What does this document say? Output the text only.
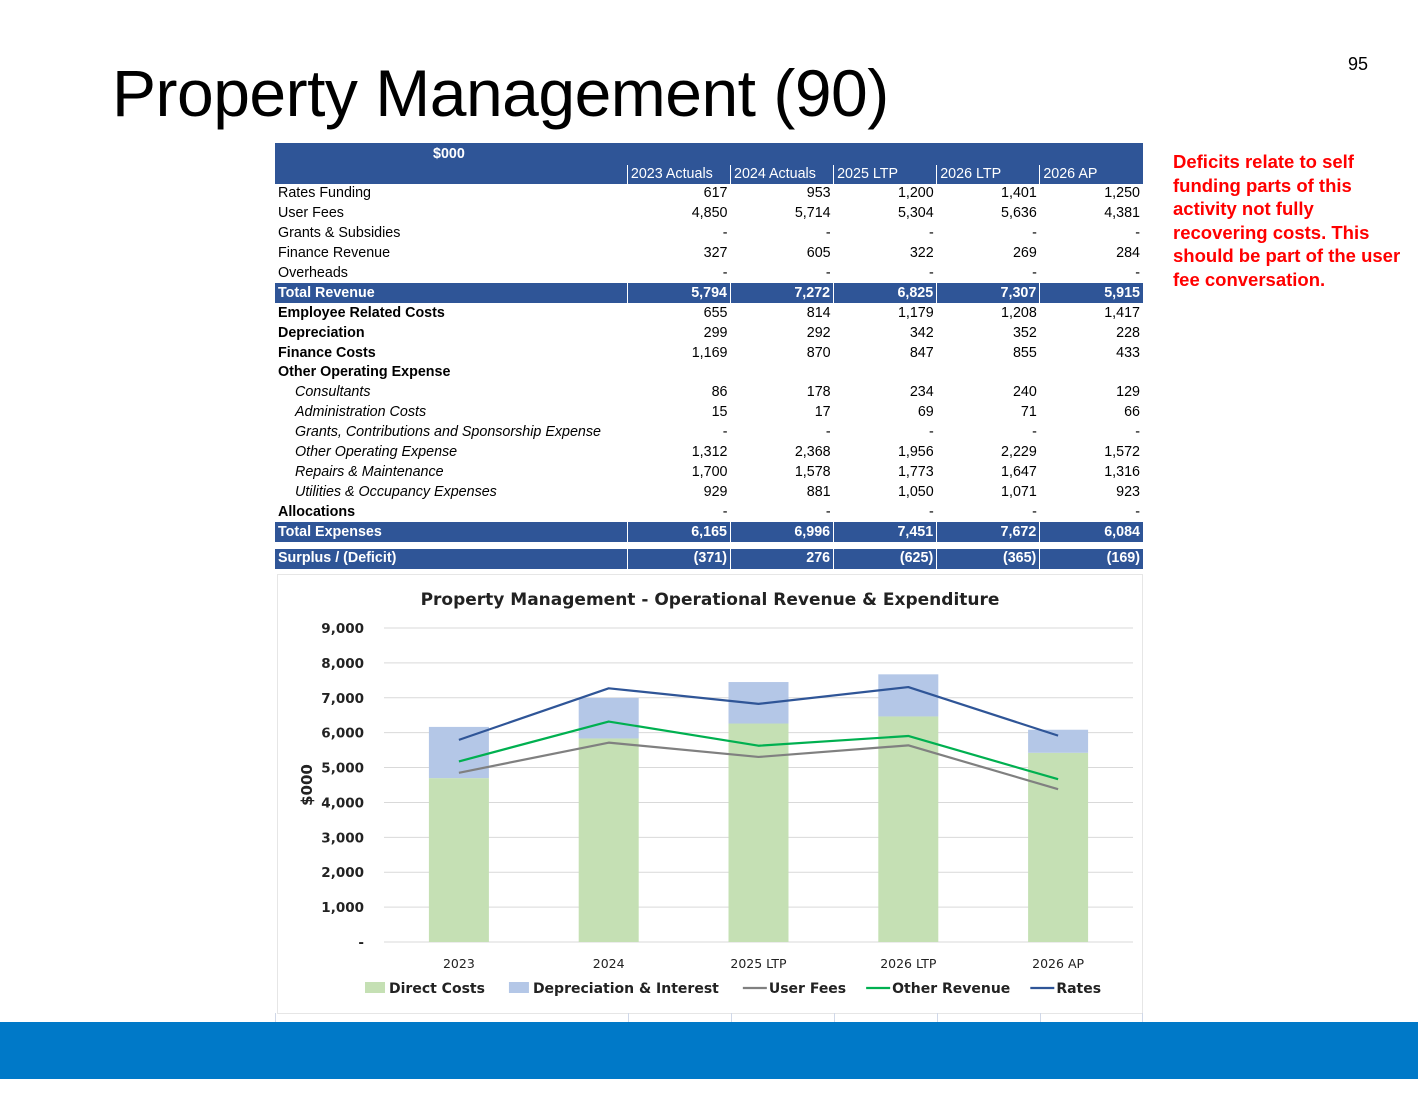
95
Property Management (90)
Deficits relate to self funding parts of this activity not fully recovering costs. This should be part of the user fee conversation.
$000					
	2023 Actuals	2024 Actuals	2025 LTP	2026 LTP	2026 AP
Rates Funding	617	953	1,200	1,401	1,250
User Fees	4,850	5,714	5,304	5,636	4,381
Grants & Subsidies	-	-	-	-	-
Finance Revenue	327	605	322	269	284
Overheads	-	-	-	-	-
Total Revenue	5,794	7,272	6,825	7,307	5,915
Employee Related Costs	655	814	1,179	1,208	1,417
Depreciation	299	292	342	352	228
Finance Costs	1,169	870	847	855	433
Other Operating Expense					
Consultants	86	178	234	240	129
Administration Costs	15	17	69	71	66
Grants, Contributions and Sponsorship Expense	-	-	-	-	-
Other Operating Expense	1,312	2,368	1,956	2,229	1,572
Repairs & Maintenance	1,700	1,578	1,773	1,647	1,316
Utilities & Occupancy Expenses	929	881	1,050	1,071	923
Allocations	-	-	-	-	-
Total Expenses	6,165	6,996	7,451	7,672	6,084

Surplus / (Deficit)	(371)	276	(625)	(365)	(169)
Property Management - Operational Revenue & Expenditure
-
1,000
2,000
3,000
4,000
5,000
6,000
7,000
8,000
9,000
$000
2023	2024	2025 LTP	2026 LTP	2026 AP
Direct Costs	Depreciation & Interest	User Fees	Other Revenue	Rates
